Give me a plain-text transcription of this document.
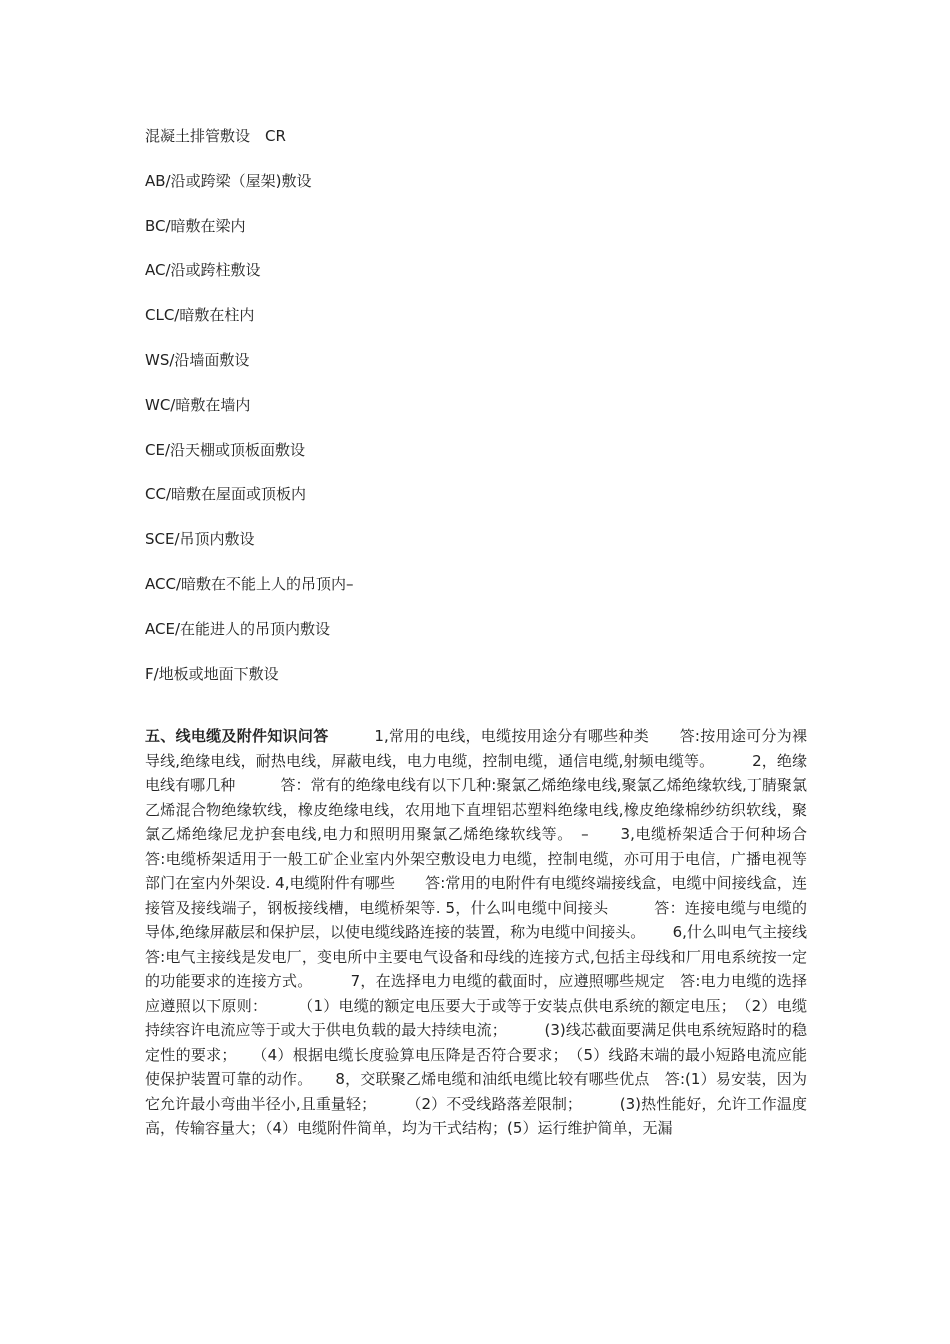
混凝土排管敷设　CR
AB/沿或跨梁（屋架)敷设
BC/暗敷在梁内
AC/沿或跨柱敷设
CLC/暗敷在柱内
WS/沿墙面敷设
WC/暗敷在墙内
CE/沿天棚或顶板面敷设
CC/暗敷在屋面或顶板内
SCE/吊顶内敷设
ACC/暗敷在不能上人的吊顶内–
ACE/在能进人的吊顶内敷设
F/地板或地面下敷设
五、线电缆及附件知识问答　　　1,常用的电线，电缆按用途分有哪些种类　　答:按用途可分为裸导线,绝缘电线，耐热电线，屏蔽电线，电力电缆，控制电缆，通信电缆,射频电缆等。　　　2，绝缘电线有哪几种　　　答：常有的绝缘电线有以下几种:聚氯乙烯绝缘电线,聚氯乙烯绝缘软线,丁腈聚氯乙烯混合物绝缘软线，橡皮绝缘电线，农用地下直埋铝芯塑料绝缘电线,橡皮绝缘棉纱纺织软线，聚氯乙烯绝缘尼龙护套电线,电力和照明用聚氯乙烯绝缘软线等。　–　　3,电缆桥架适合于何种场合　　　答:电缆桥架适用于一般工矿企业室内外架空敷设电力电缆，控制电缆，亦可用于电信，广播电视等部门在室内外架设. 4,电缆附件有哪些　　答:常用的电附件有电缆终端接线盒，电缆中间接线盒，连接管及接线端子，钢板接线槽，电缆桥架等. 5，什么叫电缆中间接头　　　答：连接电缆与电缆的导体,绝缘屏蔽层和保护层，以使电缆线路连接的装置，称为电缆中间接头。　　 6,什么叫电气主接线　　　答:电气主接线是发电厂，变电所中主要电气设备和母线的连接方式,包括主母线和厂用电系统按一定的功能要求的连接方式。　　　7，在选择电力电缆的截面时，应遵照哪些规定　答:电力电缆的选择应遵照以下原则：　　　（1）电缆的额定电压要大于或等于安装点供电系统的额定电压；　（2）电缆持续容许电流应等于或大于供电负载的最大持续电流；　　　(3)线芯截面要满足供电系统短路时的稳定性的要求；　　（4）根据电缆长度验算电压降是否符合要求；　（5）线路末端的最小短路电流应能使保护装置可靠的动作。　　8，交联聚乙烯电缆和油纸电缆比较有哪些优点　答:(1）易安装，因为它允许最小弯曲半径小,且重量轻；　　　（2）不受线路落差限制；　　　(3)热性能好，允许工作温度高，传输容量大；（4）电缆附件简单，均为干式结构；(5）运行维护简单，无漏
